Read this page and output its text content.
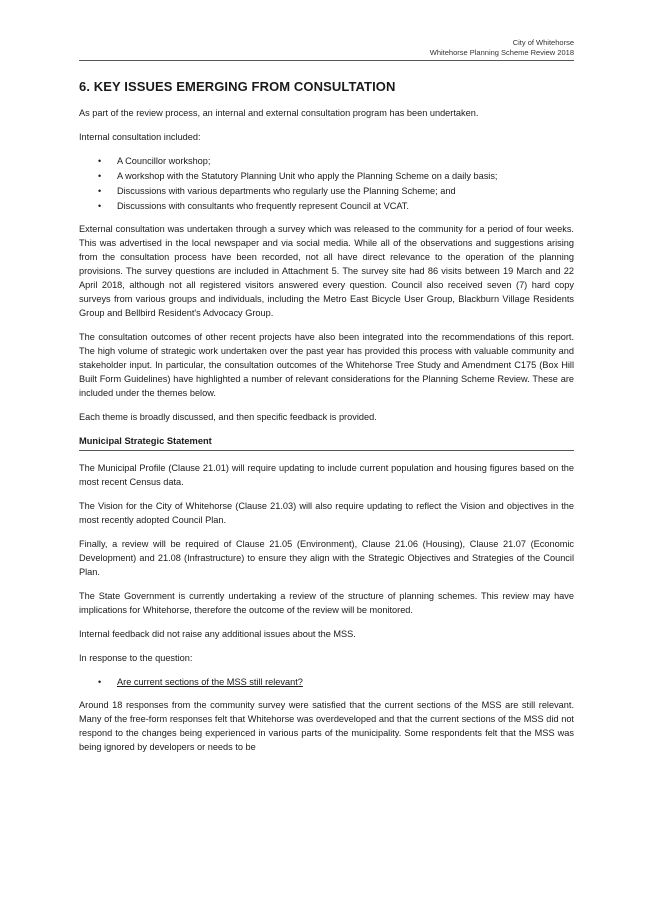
City of Whitehorse
Whitehorse Planning Scheme Review 2018
6. KEY ISSUES EMERGING FROM CONSULTATION

As part of the review process, an internal and external consultation program has been undertaken.

Internal consultation included:

• A Councillor workshop;
• A workshop with the Statutory Planning Unit who apply the Planning Scheme on a daily basis;
• Discussions with various departments who regularly use the Planning Scheme; and
• Discussions with consultants who frequently represent Council at VCAT.

External consultation was undertaken through a survey which was released to the community for a period of four weeks. This was advertised in the local newspaper and via social media. While all of the observations and suggestions arising from the consultation process have been recorded, not all have direct relevance to the operation of the planning provisions. The survey questions are included in Attachment 5. The survey site had 86 visits between 19 March and 22 April 2018, although not all registered visitors answered every question. Council also received seven (7) hard copy surveys from various groups and individuals, including the Metro East Bicycle User Group, Blackburn Village Residents Group and Bellbird Resident's Advocacy Group.

The consultation outcomes of other recent projects have also been integrated into the recommendations of this report. The high volume of strategic work undertaken over the past year has provided this process with valuable community and stakeholder input. In particular, the consultation outcomes of the Whitehorse Tree Study and Amendment C175 (Box Hill Built Form Guidelines) have highlighted a number of relevant considerations for the Planning Scheme Review. These are included under the themes below.

Each theme is broadly discussed, and then specific feedback is provided.

Municipal Strategic Statement

The Municipal Profile (Clause 21.01) will require updating to include current population and housing figures based on the most recent Census data.

The Vision for the City of Whitehorse (Clause 21.03) will also require updating to reflect the Vision and objectives in the most recently adopted Council Plan.

Finally, a review will be required of Clause 21.05 (Environment), Clause 21.06 (Housing), Clause 21.07 (Economic Development) and 21.08 (Infrastructure) to ensure they align with the Strategic Objectives and Strategies of the Council Plan.

The State Government is currently undertaking a review of the structure of planning schemes. This review may have implications for Whitehorse, therefore the outcome of the review will be monitored.

Internal feedback did not raise any additional issues about the MSS.

In response to the question:

• Are current sections of the MSS still relevant?

Around 18 responses from the community survey were satisfied that the current sections of the MSS are still relevant. Many of the free-form responses felt that Whitehorse was overdeveloped and that the current sections of the MSS did not respond to the changes being experienced in various parts of the municipality. Some respondents felt that the MSS was being ignored by developers or needs to be
